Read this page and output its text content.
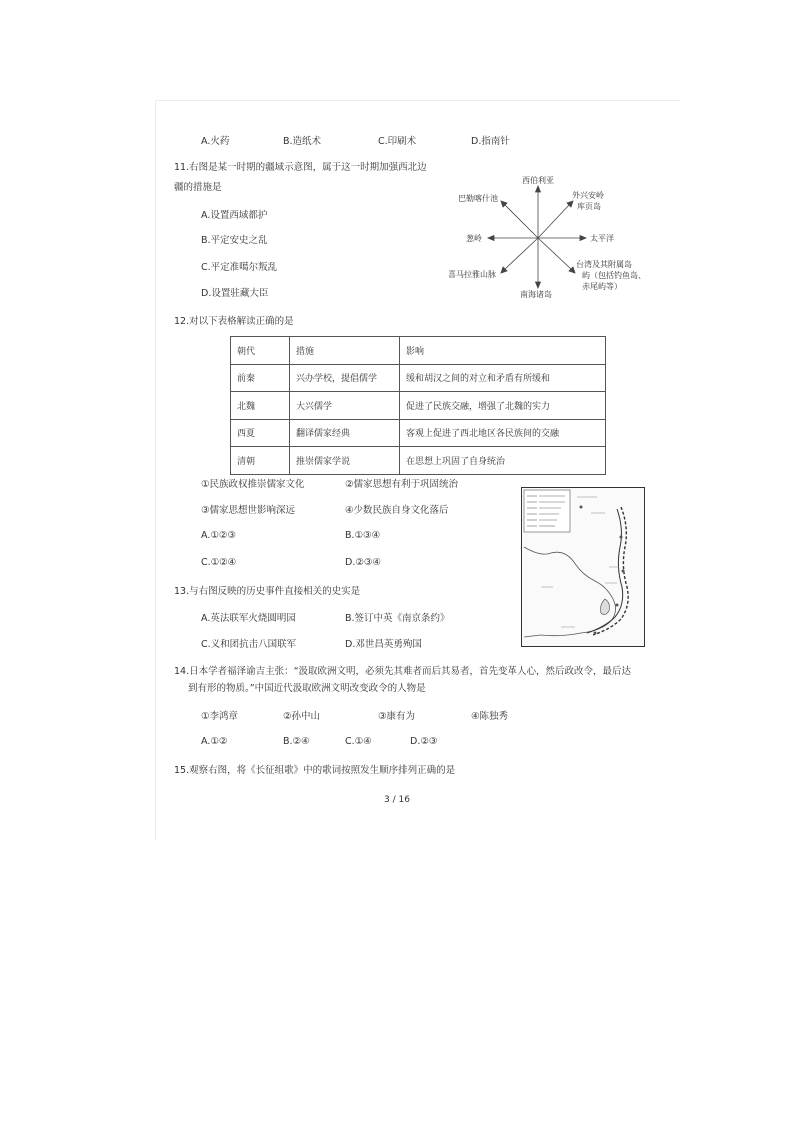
A.火药	B.造纸术	C.印刷术	D.指南针
11.右图是某一时期的疆域示意图，属于这一时期加强西北边
疆的措施是
A.设置西域都护
B.平定安史之乱
C.平定准噶尔叛乱
D.设置驻藏大臣
西伯利亚
巴勒喀什池	外兴安岭
库页岛
太平洋
葱岭
喜马拉雅山脉
南海诸岛
台湾及其附属岛
屿（包括钓鱼岛、
赤尾屿等）
12.对以下表格解读正确的是
朝代	措施	影响
前秦	兴办学校，提倡儒学	缓和胡汉之间的对立和矛盾有所缓和
北魏	大兴儒学	促进了民族交融，增强了北魏的实力
西夏	翻译儒家经典	客观上促进了西北地区各民族间的交融
清朝	推崇儒家学说	在思想上巩固了自身统治
①民族政权推崇儒家文化	②儒家思想有利于巩固统治
③儒家思想世影响深远	④少数民族自身文化落后
A.①②③	B.①③④
C.①②④	D.②③④
13.与右图反映的历史事件直接相关的史实是
A.英法联军火烧圆明园	B.签订中英《南京条约》
C.义和团抗击八国联军	D.邓世昌英勇殉国
14.日本学者福泽谕吉主张：“汲取欧洲文明，必须先其难者而后其易者，首先变革人心，然后政改令，最后达
到有形的物质。”中国近代汲取欧洲文明改变政令的人物是
①李鸿章	②孙中山	③康有为	④陈独秀
A.①②	B.②④	C.①④	D.②③
15.观察右图，将《长征组歌》中的歌词按照发生顺序排列正确的是
3 / 16
